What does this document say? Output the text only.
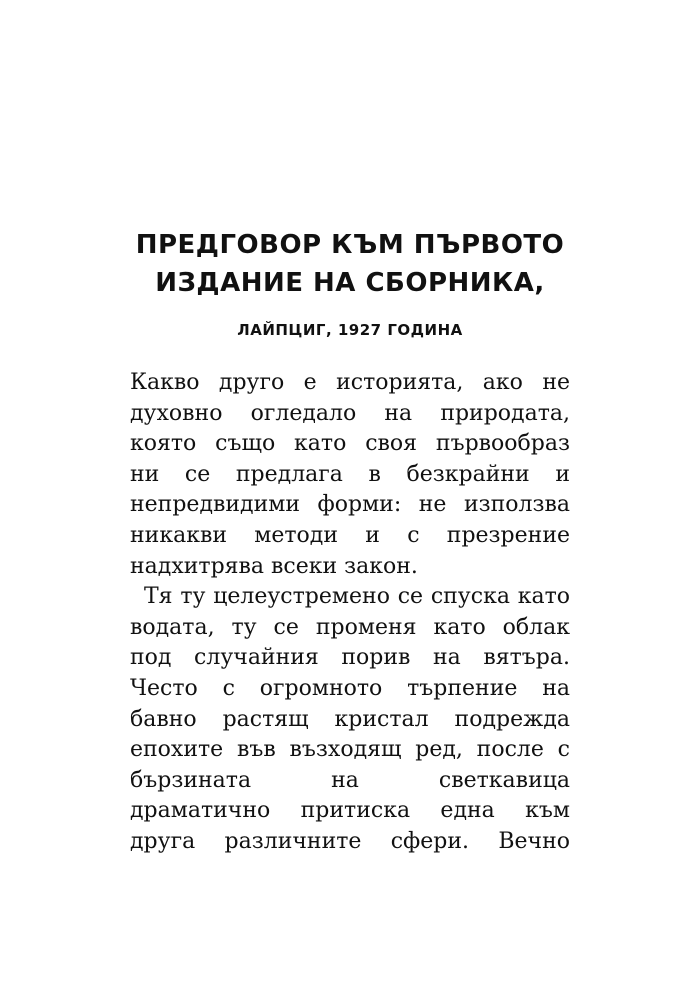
ПРЕДГОВОР КЪМ ПЪРВОТО
ИЗДАНИЕ НА СБОРНИКА,
ЛАЙПЦИГ, 1927 ГОДИНА
Какво друго е историята, ако не
духовно огледало на природата,
която също като своя първообраз
ни се предлага в безкрайни и
непредвидими форми: не използва
никакви методи и с презрение
надхитрява всеки закон.
Тя ту целеустремено се спуска като
водата, ту се променя като облак
под случайния порив на вятъра.
Често с огромното търпение на
бавно растящ кристал подрежда
епохите във възходящ ред, после с
бързината на светкавица
драматично притиска една към
друга различните сфери. Вечно
